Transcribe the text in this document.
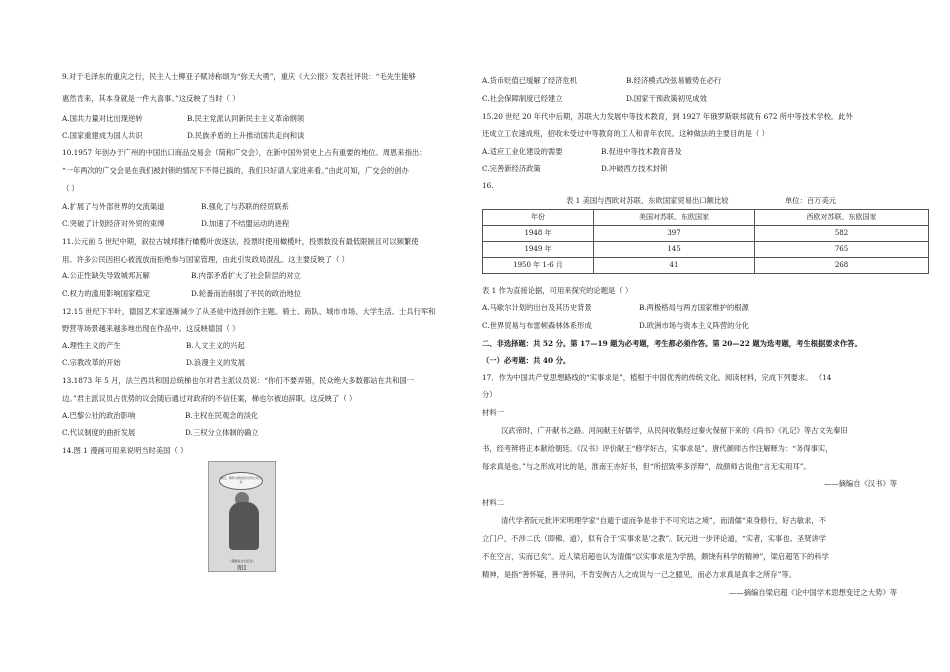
9.对于毛泽东的重庆之行，民主人士柳亚子赋诗称颂为“弥天大勇”，重庆《大公报》发表社评说：“毛先生能够
惠然肯来，其本身就是一件大喜事。”这反映了当时（ ）
A.国共力量对比出现逆转	B.民主党派认同新民主主义革命纲领
C.国家重建成为国人共识	D.民族矛盾的上升推动国共走向和谈
10.1957 年创办于广州的中国出口商品交易会（简称广交会），在新中国外贸史上占有重要的地位。周恩来指出：
“一年两次的广交会是在我们被封锁的情况下不得已搞的，我们只好请人家进来看。”由此可知，广交会的创办
（ ）
A.扩展了与外部世界的交流渠道	B.强化了与苏联的经贸联系
C.突破了计划经济对外贸的束缚	D.加速了不结盟运动的进程
11.公元前 5 世纪中期，叙拉古城邦推行橄榄叶放逐法，投票时使用橄榄叶，投票数没有最低限制且可以频繁使
用。许多公民因担心被流放而拒绝参与国家管理，由此引发政局混乱。这主要反映了（ ）
A.公正性缺失导致城邦瓦解	B.内部矛盾扩大了社会阶层的对立
C.权力的滥用影响国家稳定	D.轮番而治削弱了平民的政治地位
12.15 世纪下半叶，德国艺术家逐渐减少了从圣徒中选择创作主题。骑士、商队、城市市场、大学生活、士兵行军和
野营等场景越来越多地出现在作品中。这反映德国（ ）
A.理性主义的产生	B.人文主义的兴起
C.宗教改革的开始	D.浪漫主义的发展
13.1873 年 5 月，法兰西共和国总统梯也尔对君主派议员说：“你们不要弄错，民众绝大多数都站在共和国一
边。”君主派议员占优势的议会随后通过对政府的不信任案，梯也尔被迫辞职。这反映了（ ）
A.巴黎公社的政治影响	B.主权在民观念的淡化
C.代议制度的曲折发展	D.三权分立体制的确立
14.图 1 漫画可用来说明当时美国（ ）
我们，教科书的特价可均已有大家
（漫画亚文为范文）
图1
A.货币贬值已缓解了经济危机	B.经济模式改弦易辙势在必行
C.社会保障制度已经建立	D.国家干预政策初见成效
15.20 世纪 20 年代中后期，苏联大力发展中等技术教育，到 1927 年俄罗斯联邦就有 672 所中等技术学校。此外
还成立工农速成班，招收未受过中等教育的工人和青年农民。这种做法的主要目的是（ ）
A.适应工业化建设的需要	B.促进中等技术教育普及
C.完善新经济政策	D.冲破西方技术封锁
16.
表 1 美国与西欧对苏联、东欧国家贸易出口额比较	单位：百万美元
年份	美国对苏联、东欧国家	西欧对苏联、东欧国家
1948 年	397	582
1949 年	145	765
1950 年 1-6 月	41	268
表 1 作为直接论据，可用来探究的论题是（ ）
A.马歇尔计划的出台及其历史背景	B.两极格局与两方国家维护的根源
C.世界贸易与布雷顿森林体系形成	D.欧洲市场与资本主义阵营的分化
二、非选择题：共 52 分。第 17—19 题为必考题，考生都必须作答。第 20—22 题为选考题，考生根据要求作答。
（一）必考题：共 40 分。
17．作为中国共产党思想路线的“实事求是”，植根于中国优秀的传统文化。阅读材料，完成下列要求。 （14
分）
材料一
汉武帝时，广开献书之路。河间献王好儒学，从民间收集经过秦火保留下来的《尚书》《礼记》等古文先秦旧
书，经考辨将正本献给朝廷。《汉书》评价献王“修学好古，实事求是”。唐代颜师古作注解释为：“务得事实，
每求真是也。”与之形成对比的是，淮南王亦好书，但“所招致率多浮辩”，故颜师古说他“言无实用耳”。
——摘编自《汉书》等
材料二
清代学者阮元批评宋明理学家“自遁于虚而争是非于不可究诘之境”，而清儒“束身修行，好古敏求，不
立门户，不涉二氏（即佛、道），似有合于‘实事求是’之教”。阮元进一步评论道，“实者，实事也。圣贤讲学
不在空言，实而已矣”。近人梁启超也认为清儒“以实事求是为学鹄，颇饶有科学的精神”，梁启超笔下的科学
精神，是指“善怀疑，善寻问，不肯安徇古人之成说与一己之臆见，而必力求真是真非之所存”等。
——摘编自梁启超《论中国学术思想变迁之大势》等
